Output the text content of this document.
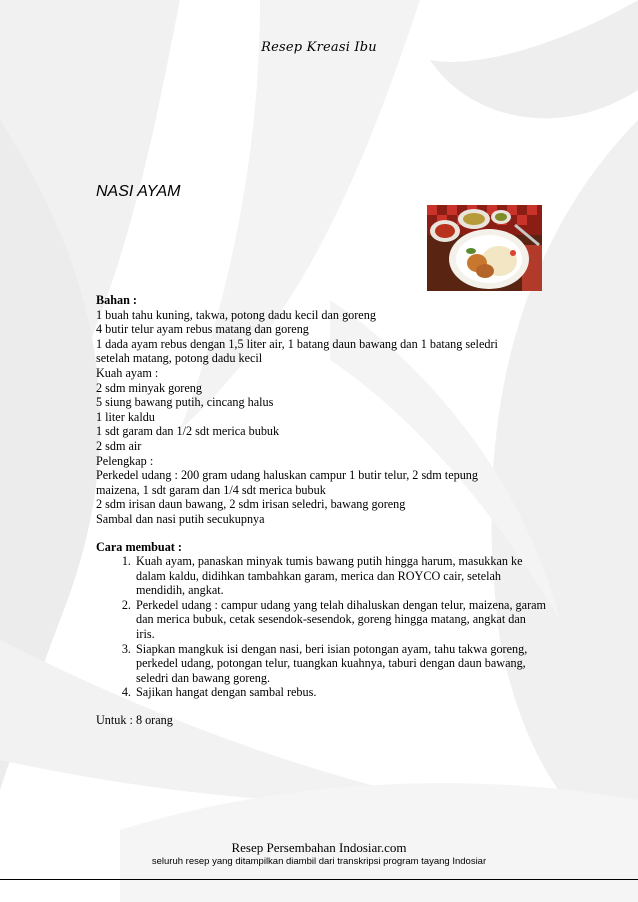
Resep Kreasi Ibu
NASI AYAM
Bahan :
1 buah tahu kuning, takwa, potong dadu kecil dan goreng
4 butir telur ayam rebus matang dan goreng
1 dada ayam rebus dengan 1,5 liter air, 1 batang daun bawang dan 1 batang seledri
setelah matang, potong dadu kecil
Kuah ayam :
2 sdm minyak goreng
5 siung bawang putih, cincang halus
1 liter kaldu
1 sdt garam dan 1/2 sdt merica bubuk
2 sdm air
Pelengkap :
Perkedel udang : 200 gram udang haluskan campur 1 butir telur, 2 sdm tepung
maizena, 1 sdt garam dan 1/4 sdt merica bubuk
2 sdm irisan daun bawang, 2 sdm irisan seledri, bawang goreng
Sambal dan nasi putih secukupnya
Cara membuat :
1. Kuah ayam, panaskan minyak tumis bawang putih hingga harum, masukkan ke dalam kaldu, didihkan tambahkan garam, merica dan ROYCO cair, setelah mendidih, angkat.
2. Perkedel udang : campur udang yang telah dihaluskan dengan telur, maizena, garam dan merica bubuk, cetak sesendok-sesendok, goreng hingga matang, angkat dan iris.
3. Siapkan mangkuk isi dengan nasi, beri isian potongan ayam, tahu takwa goreng, perkedel udang, potongan telur, tuangkan kuahnya, taburi dengan daun bawang, seledri dan bawang goreng.
4. Sajikan hangat dengan sambal rebus.
Untuk : 8 orang
Resep Persembahan Indosiar.com
seluruh resep yang ditampilkan diambil dari transkripsi program tayang Indosiar
